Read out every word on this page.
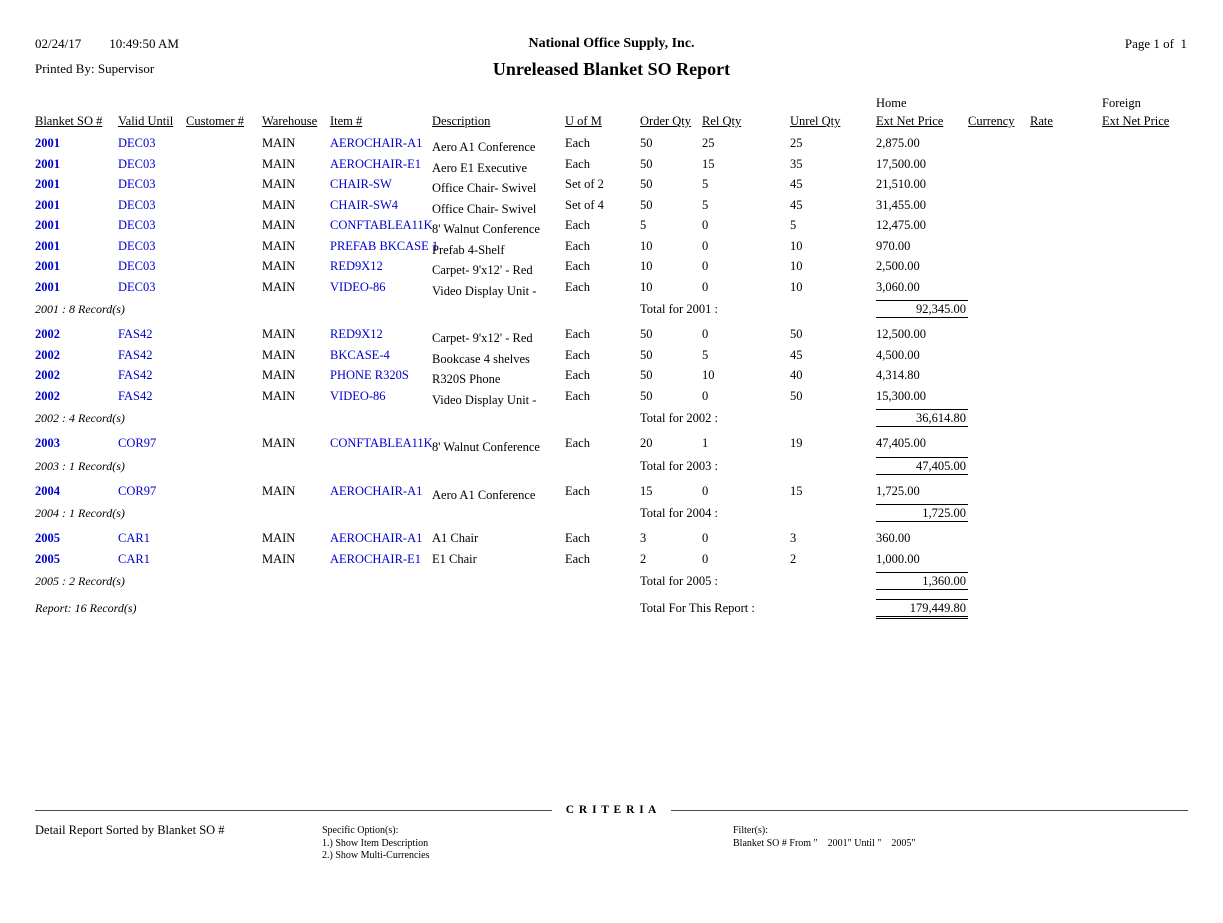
02/24/17 10:49:50 AM
Printed By: Supervisor
National Office Supply, Inc.
Unreleased Blanket SO Report
Page 1 of  1
										Home			Foreign
Blanket SO #	Valid Until	Customer #	Warehouse	Item #	Description	U of M	Order Qty	Rel Qty	Unrel Qty	Ext Net Price	Currency	Rate	Ext Net Price
2001	DEC03		MAIN	AEROCHAIR-A1	Aero A1 Conference	Each	50	25	25	2,875.00			
2001	DEC03		MAIN	AEROCHAIR-E1	Aero E1 Executive	Each	50	15	35	17,500.00			
2001	DEC03		MAIN	CHAIR-SW	Office Chair- Swivel	Set of 2	50	5	45	21,510.00			
2001	DEC03		MAIN	CHAIR-SW4	Office Chair- Swivel	Set of 4	50	5	45	31,455.00			
2001	DEC03		MAIN	CONFTABLEA11K	8' Walnut Conference	Each	5	0	5	12,475.00			
2001	DEC03		MAIN	PREFAB BKCASE 1	Prefab 4-Shelf	Each	10	0	10	970.00			
2001	DEC03		MAIN	RED9X12	Carpet- 9'x12' - Red	Each	10	0	10	2,500.00			
2001	DEC03		MAIN	VIDEO-86	Video Display Unit -	Each	10	0	10	3,060.00			
2001 : 8 Record(s)							Total for 2001 :			92,345.00			

2002	FAS42		MAIN	RED9X12	Carpet- 9'x12' - Red	Each	50	0	50	12,500.00			
2002	FAS42		MAIN	BKCASE-4	Bookcase 4 shelves	Each	50	5	45	4,500.00			
2002	FAS42		MAIN	PHONE R320S	R320S Phone	Each	50	10	40	4,314.80			
2002	FAS42		MAIN	VIDEO-86	Video Display Unit -	Each	50	0	50	15,300.00			
2002 : 4 Record(s)							Total for 2002 :			36,614.80			

2003	COR97		MAIN	CONFTABLEA11K	8' Walnut Conference	Each	20	1	19	47,405.00			
2003 : 1 Record(s)							Total for 2003 :			47,405.00			

2004	COR97		MAIN	AEROCHAIR-A1	Aero A1 Conference	Each	15	0	15	1,725.00			
2004 : 1 Record(s)							Total for 2004 :			1,725.00			

2005	CAR1		MAIN	AEROCHAIR-A1	A1 Chair	Each	3	0	3	360.00			
2005	CAR1		MAIN	AEROCHAIR-E1	E1 Chair	Each	2	0	2	1,000.00			
2005 : 2 Record(s)							Total for 2005 :			1,360.00			

Report: 16 Record(s)							Total For This Report :			179,449.80			

C R I T E R I A
Detail Report Sorted by Blanket SO #	Specific Option(s):
1.) Show Item Description
2.) Show Multi-Currencies
Filter(s):
Blanket SO # From "    2001" Until "    2005"
